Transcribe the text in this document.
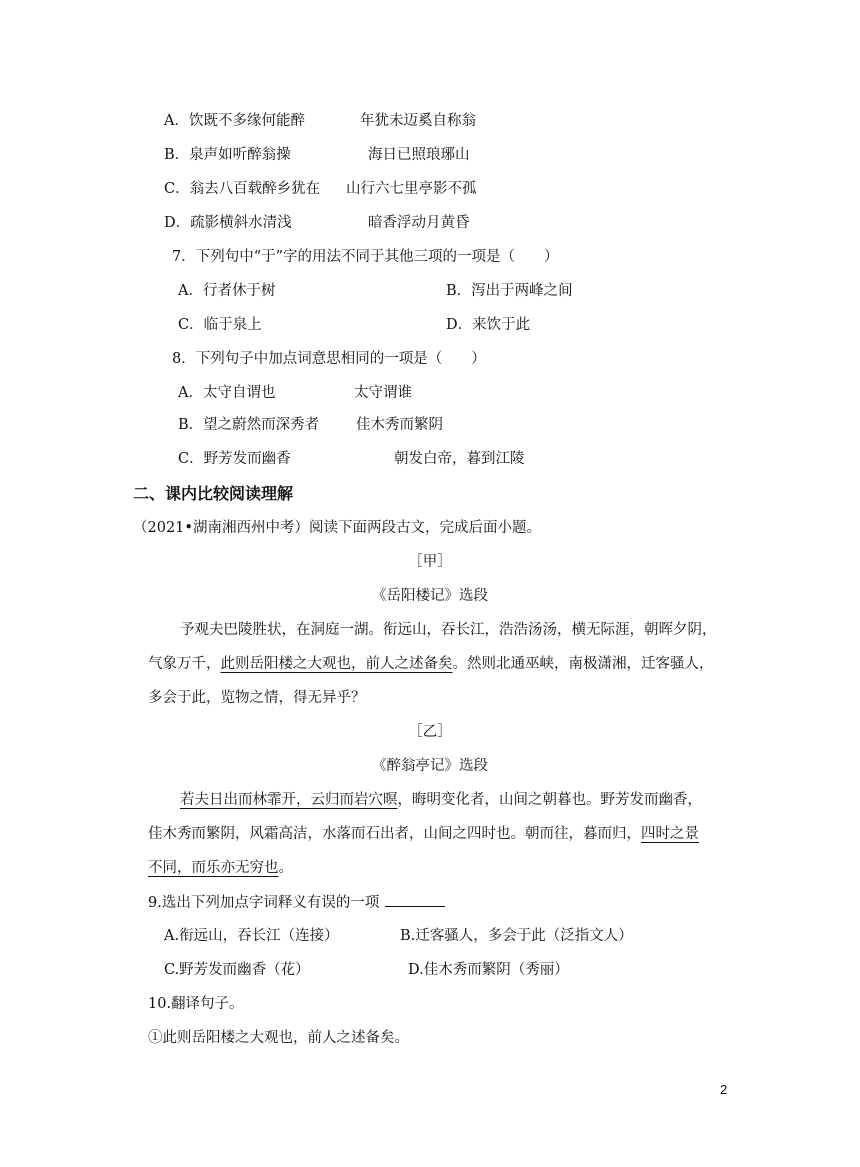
A．饮既不多缘何能醉	年犹未迈奚自称翁
B．泉声如听醉翁操	海日已照琅琊山
C．翁去八百载醉乡犹在 山行六七里亭影不孤
D．疏影横斜水清浅	暗香浮动月黄昏
7．下列句中“于”字的用法不同于其他三项的一项是（　　）
A．行者休于树	B．泻出于两峰之间
C．临于泉上	D．来饮于此
8．下列句子中加点词意思相同的一项是（　　）
A．太守自谓也	太守谓谁
B．望之蔚然而深秀者	佳木秀而繁阴
C．野芳发而幽香	朝发白帝，暮到江陵
二、课内比较阅读理解
（2021•湖南湘西州中考）阅读下面两段古文，完成后面小题。
［甲］
《岳阳楼记》选段
予观夫巴陵胜状，在洞庭一湖。衔远山，吞长江，浩浩汤汤，横无际涯，朝晖夕阴，
气象万千，此则岳阳楼之大观也，前人之述备矣。然则北通巫峡，南极潇湘，迁客骚人，
多会于此，览物之情，得无异乎？
［乙］
《醉翁亭记》选段
若夫日出而林霏开，云归而岩穴暝，晦明变化者，山间之朝暮也。野芳发而幽香，
佳木秀而繁阴，风霜高洁，水落而石出者，山间之四时也。朝而往，暮而归，四时之景
不同，而乐亦无穷也。
9.选出下列加点字词释义有误的一项
A.衔远山，吞长江（连接）	B.迁客骚人，多会于此（泛指文人）
C.野芳发而幽香（花）	D.佳木秀而繁阴（秀丽）
10.翻译句子。
①此则岳阳楼之大观也，前人之述备矣。
2
